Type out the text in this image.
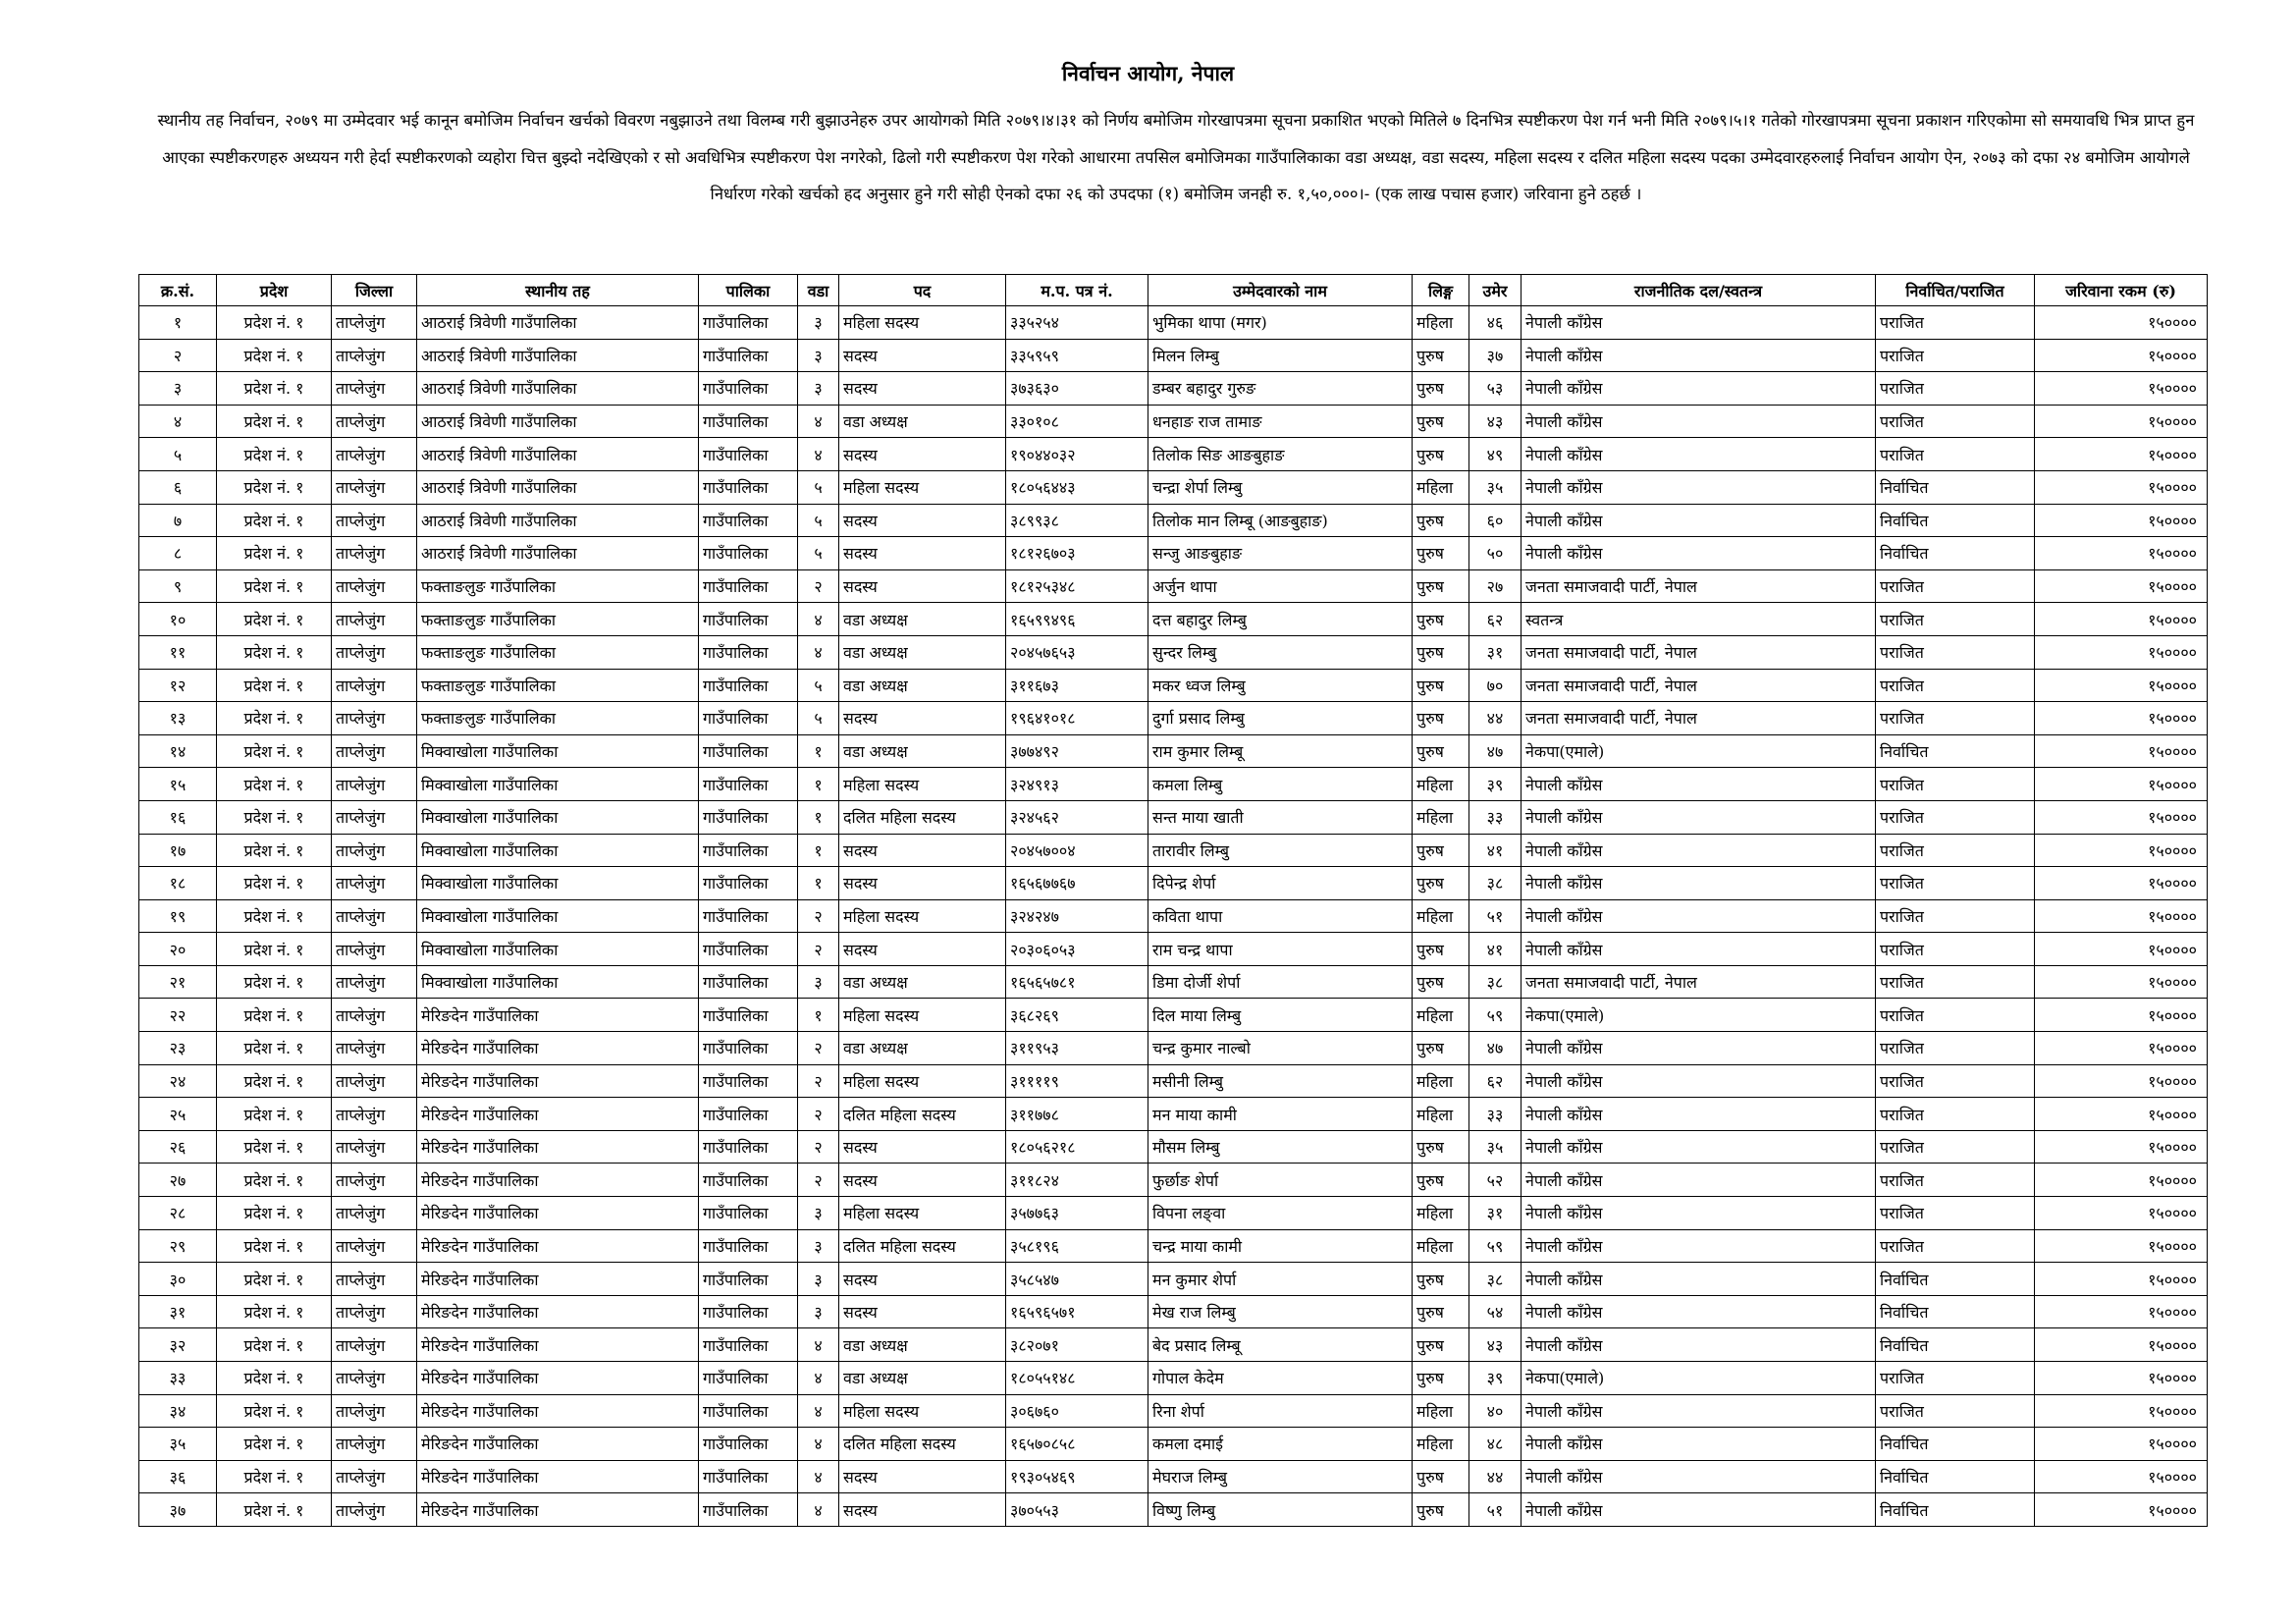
निर्वाचन आयोग, नेपाल
स्थानीय तह निर्वाचन, २०७९ मा उम्मेदवार भई कानून बमोजिम निर्वाचन खर्चको विवरण नबुझाउने तथा विलम्ब गरी बुझाउनेहरु उपर आयोगको मिति २०७९।४।३१ को निर्णय बमोजिम गोरखापत्रमा सूचना प्रकाशित भएको मितिले ७ दिनभित्र स्पष्टीकरण पेश गर्न भनी मिति २०७९।५।१ गतेको गोरखापत्रमा सूचना प्रकाशन गरिएकोमा सो समयावधि भित्र प्राप्त हुन आएका स्पष्टीकरणहरु अध्ययन गरी हेर्दा स्पष्टीकरणको व्यहोरा चित्त बुझ्दो नदेखिएको र सो अवधिभित्र स्पष्टीकरण पेश नगरेको, ढिलो गरी स्पष्टीकरण पेश गरेको आधारमा तपसिल बमोजिमका गाउँपालिकाका वडा अध्यक्ष, वडा सदस्य, महिला सदस्य र दलित महिला सदस्य पदका उम्मेदवारहरुलाई निर्वाचन आयोग ऐन, २०७३ को दफा २४ बमोजिम आयोगले निर्धारण गरेको खर्चको हद अनुसार हुने गरी सोही ऐनको दफा २६ को उपदफा (१) बमोजिम जनही रु. १,५०,०००।- (एक लाख पचास हजार) जरिवाना हुने ठहर्छ ।
क्र.सं.	प्रदेश	जिल्ला	स्थानीय तह	पालिका	वडा	पद	म.प. पत्र नं.	उम्मेदवारको नाम	लिङ्ग	उमेर	राजनीतिक दल/स्वतन्त्र	निर्वाचित/पराजित	जरिवाना रकम (रु)
१	प्रदेश नं. १	ताप्लेजुंग	आठराई त्रिवेणी गाउँपालिका	गाउँपालिका	३	महिला सदस्य	३३५२५४	भुमिका थापा (मगर)	महिला	४६	नेपाली काँग्रेस	पराजित	१५००००
२	प्रदेश नं. १	ताप्लेजुंग	आठराई त्रिवेणी गाउँपालिका	गाउँपालिका	३	सदस्य	३३५९५९	मिलन लिम्बु	पुरुष	३७	नेपाली काँग्रेस	पराजित	१५००००
३	प्रदेश नं. १	ताप्लेजुंग	आठराई त्रिवेणी गाउँपालिका	गाउँपालिका	३	सदस्य	३७३६३०	डम्बर बहादुर गुरुङ	पुरुष	५३	नेपाली काँग्रेस	पराजित	१५००००
४	प्रदेश नं. १	ताप्लेजुंग	आठराई त्रिवेणी गाउँपालिका	गाउँपालिका	४	वडा अध्यक्ष	३३०१०८	धनहाङ राज तामाङ	पुरुष	४३	नेपाली काँग्रेस	पराजित	१५००००
५	प्रदेश नं. १	ताप्लेजुंग	आठराई त्रिवेणी गाउँपालिका	गाउँपालिका	४	सदस्य	१९०४४०३२	तिलोक सिङ आङबुहाङ	पुरुष	४९	नेपाली काँग्रेस	पराजित	१५००००
६	प्रदेश नं. १	ताप्लेजुंग	आठराई त्रिवेणी गाउँपालिका	गाउँपालिका	५	महिला सदस्य	१८०५६४४३	चन्द्रा शेर्पा लिम्बु	महिला	३५	नेपाली काँग्रेस	निर्वाचित	१५००००
७	प्रदेश नं. १	ताप्लेजुंग	आठराई त्रिवेणी गाउँपालिका	गाउँपालिका	५	सदस्य	३८९९३८	तिलोक मान लिम्बू (आङबुहाङ)	पुरुष	६०	नेपाली काँग्रेस	निर्वाचित	१५००००
८	प्रदेश नं. १	ताप्लेजुंग	आठराई त्रिवेणी गाउँपालिका	गाउँपालिका	५	सदस्य	१८१२६७०३	सन्जु आङबुहाङ	पुरुष	५०	नेपाली काँग्रेस	निर्वाचित	१५००००
९	प्रदेश नं. १	ताप्लेजुंग	फक्ताङलुङ गाउँपालिका	गाउँपालिका	२	सदस्य	१८१२५३४८	अर्जुन थापा	पुरुष	२७	जनता समाजवादी पार्टी, नेपाल	पराजित	१५००००
१०	प्रदेश नं. १	ताप्लेजुंग	फक्ताङलुङ गाउँपालिका	गाउँपालिका	४	वडा अध्यक्ष	१६५९९४९६	दत्त बहादुर लिम्बु	पुरुष	६२	स्वतन्त्र	पराजित	१५००००
११	प्रदेश नं. १	ताप्लेजुंग	फक्ताङलुङ गाउँपालिका	गाउँपालिका	४	वडा अध्यक्ष	२०४५७६५३	सुन्दर लिम्बु	पुरुष	३१	जनता समाजवादी पार्टी, नेपाल	पराजित	१५००००
१२	प्रदेश नं. १	ताप्लेजुंग	फक्ताङलुङ गाउँपालिका	गाउँपालिका	५	वडा अध्यक्ष	३११६७३	मकर ध्वज लिम्बु	पुरुष	७०	जनता समाजवादी पार्टी, नेपाल	पराजित	१५००००
१३	प्रदेश नं. १	ताप्लेजुंग	फक्ताङलुङ गाउँपालिका	गाउँपालिका	५	सदस्य	१९६४१०१८	दुर्गा प्रसाद लिम्बु	पुरुष	४४	जनता समाजवादी पार्टी, नेपाल	पराजित	१५००००
१४	प्रदेश नं. १	ताप्लेजुंग	मिक्वाखोला गाउँपालिका	गाउँपालिका	१	वडा अध्यक्ष	३७७४९२	राम कुमार लिम्बू	पुरुष	४७	नेकपा(एमाले)	निर्वाचित	१५००००
१५	प्रदेश नं. १	ताप्लेजुंग	मिक्वाखोला गाउँपालिका	गाउँपालिका	१	महिला सदस्य	३२४९१३	कमला लिम्बु	महिला	३९	नेपाली काँग्रेस	पराजित	१५००००
१६	प्रदेश नं. १	ताप्लेजुंग	मिक्वाखोला गाउँपालिका	गाउँपालिका	१	दलित महिला सदस्य	३२४५६२	सन्त माया खाती	महिला	३३	नेपाली काँग्रेस	पराजित	१५००००
१७	प्रदेश नं. १	ताप्लेजुंग	मिक्वाखोला गाउँपालिका	गाउँपालिका	१	सदस्य	२०४५७००४	तारावीर लिम्बु	पुरुष	४१	नेपाली काँग्रेस	पराजित	१५००००
१८	प्रदेश नं. १	ताप्लेजुंग	मिक्वाखोला गाउँपालिका	गाउँपालिका	१	सदस्य	१६५६७७६७	दिपेन्द्र शेर्पा	पुरुष	३८	नेपाली काँग्रेस	पराजित	१५००००
१९	प्रदेश नं. १	ताप्लेजुंग	मिक्वाखोला गाउँपालिका	गाउँपालिका	२	महिला सदस्य	३२४२४७	कविता थापा	महिला	५१	नेपाली काँग्रेस	पराजित	१५००००
२०	प्रदेश नं. १	ताप्लेजुंग	मिक्वाखोला गाउँपालिका	गाउँपालिका	२	सदस्य	२०३०६०५३	राम चन्द्र थापा	पुरुष	४१	नेपाली काँग्रेस	पराजित	१५००००
२१	प्रदेश नं. १	ताप्लेजुंग	मिक्वाखोला गाउँपालिका	गाउँपालिका	३	वडा अध्यक्ष	१६५६५७८१	डिमा दोर्जी शेर्पा	पुरुष	३८	जनता समाजवादी पार्टी, नेपाल	पराजित	१५००००
२२	प्रदेश नं. १	ताप्लेजुंग	मेरिङदेन गाउँपालिका	गाउँपालिका	१	महिला सदस्य	३६८२६९	दिल माया लिम्बु	महिला	५९	नेकपा(एमाले)	पराजित	१५००००
२३	प्रदेश नं. १	ताप्लेजुंग	मेरिङदेन गाउँपालिका	गाउँपालिका	२	वडा अध्यक्ष	३११९५३	चन्द्र कुमार नाल्बो	पुरुष	४७	नेपाली काँग्रेस	पराजित	१५००००
२४	प्रदेश नं. १	ताप्लेजुंग	मेरिङदेन गाउँपालिका	गाउँपालिका	२	महिला सदस्य	३११११९	मसीनी लिम्बु	महिला	६२	नेपाली काँग्रेस	पराजित	१५००००
२५	प्रदेश नं. १	ताप्लेजुंग	मेरिङदेन गाउँपालिका	गाउँपालिका	२	दलित महिला सदस्य	३११७७८	मन माया कामी	महिला	३३	नेपाली काँग्रेस	पराजित	१५००००
२६	प्रदेश नं. १	ताप्लेजुंग	मेरिङदेन गाउँपालिका	गाउँपालिका	२	सदस्य	१८०५६२१८	मौसम लिम्बु	पुरुष	३५	नेपाली काँग्रेस	पराजित	१५००००
२७	प्रदेश नं. १	ताप्लेजुंग	मेरिङदेन गाउँपालिका	गाउँपालिका	२	सदस्य	३११८२४	फुर्छाङ शेर्पा	पुरुष	५२	नेपाली काँग्रेस	पराजित	१५००००
२८	प्रदेश नं. १	ताप्लेजुंग	मेरिङदेन गाउँपालिका	गाउँपालिका	३	महिला सदस्य	३५७७६३	विपना लङ्वा	महिला	३१	नेपाली काँग्रेस	पराजित	१५००००
२९	प्रदेश नं. १	ताप्लेजुंग	मेरिङदेन गाउँपालिका	गाउँपालिका	३	दलित महिला सदस्य	३५८१९६	चन्द्र माया कामी	महिला	५९	नेपाली काँग्रेस	पराजित	१५००००
३०	प्रदेश नं. १	ताप्लेजुंग	मेरिङदेन गाउँपालिका	गाउँपालिका	३	सदस्य	३५८५४७	मन कुमार शेर्पा	पुरुष	३८	नेपाली काँग्रेस	निर्वाचित	१५००००
३१	प्रदेश नं. १	ताप्लेजुंग	मेरिङदेन गाउँपालिका	गाउँपालिका	३	सदस्य	१६५९६५७१	मेख राज लिम्बु	पुरुष	५४	नेपाली काँग्रेस	निर्वाचित	१५००००
३२	प्रदेश नं. १	ताप्लेजुंग	मेरिङदेन गाउँपालिका	गाउँपालिका	४	वडा अध्यक्ष	३८२०७१	बेद प्रसाद लिम्बू	पुरुष	४३	नेपाली काँग्रेस	निर्वाचित	१५००००
३३	प्रदेश नं. १	ताप्लेजुंग	मेरिङदेन गाउँपालिका	गाउँपालिका	४	वडा अध्यक्ष	१८०५५१४८	गोपाल केदेम	पुरुष	३९	नेकपा(एमाले)	पराजित	१५००००
३४	प्रदेश नं. १	ताप्लेजुंग	मेरिङदेन गाउँपालिका	गाउँपालिका	४	महिला सदस्य	३०६७६०	रिना शेर्पा	महिला	४०	नेपाली काँग्रेस	पराजित	१५००००
३५	प्रदेश नं. १	ताप्लेजुंग	मेरिङदेन गाउँपालिका	गाउँपालिका	४	दलित महिला सदस्य	१६५७०८५८	कमला दमाई	महिला	४८	नेपाली काँग्रेस	निर्वाचित	१५००००
३६	प्रदेश नं. १	ताप्लेजुंग	मेरिङदेन गाउँपालिका	गाउँपालिका	४	सदस्य	१९३०५४६९	मेघराज लिम्बु	पुरुष	४४	नेपाली काँग्रेस	निर्वाचित	१५००००
३७	प्रदेश नं. १	ताप्लेजुंग	मेरिङदेन गाउँपालिका	गाउँपालिका	४	सदस्य	३७०५५३	विष्णु लिम्बु	पुरुष	५१	नेपाली काँग्रेस	निर्वाचित	१५००००
